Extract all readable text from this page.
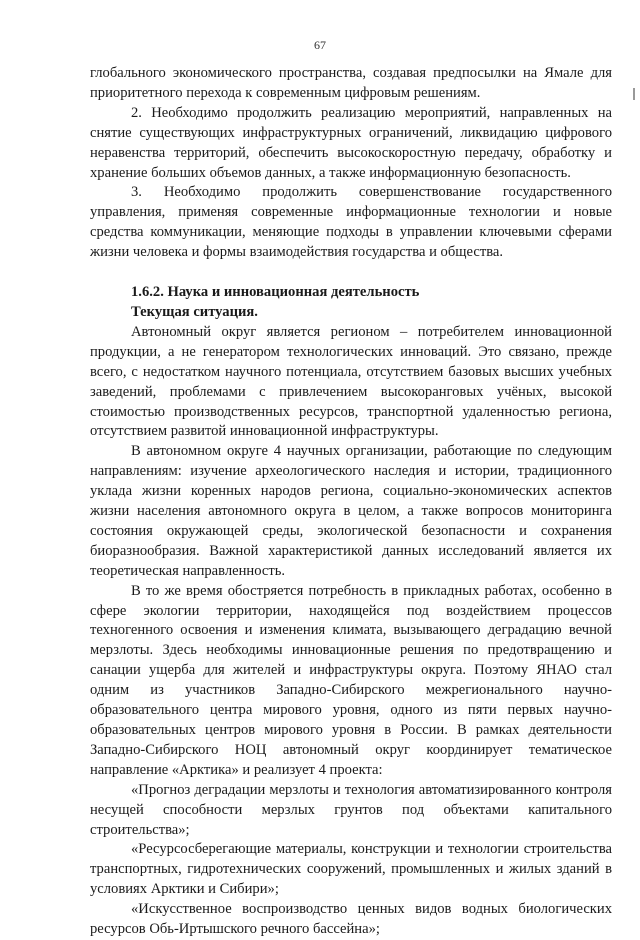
67

глобального экономического пространства, создавая предпосылки на Ямале для приоритетного перехода к современным цифровым решениям.

2. Необходимо продолжить реализацию мероприятий, направленных на снятие существующих инфраструктурных ограничений, ликвидацию цифрового неравенства территорий, обеспечить высокоскоростную передачу, обработку и хранение больших объемов данных, а также информационную безопасность.

3. Необходимо продолжить совершенствование государственного управления, применяя современные информационные технологии и новые средства коммуникации, меняющие подходы в управлении ключевыми сферами жизни человека и формы взаимодействия государства и общества.

1.6.2. Наука и инновационная деятельность

Текущая ситуация.

Автономный округ является регионом – потребителем инновационной продукции, а не генератором технологических инноваций. Это связано, прежде всего, с недостатком научного потенциала, отсутствием базовых высших учебных заведений, проблемами с привлечением высокоранговых учёных, высокой стоимостью производственных ресурсов, транспортной удаленностью региона, отсутствием развитой инновационной инфраструктуры.

В автономном округе 4 научных организации, работающие по следующим направлениям: изучение археологического наследия и истории, традиционного уклада жизни коренных народов региона, социально-экономических аспектов жизни населения автономного округа в целом, а также вопросов мониторинга состояния окружающей среды, экологической безопасности и сохранения биоразнообразия. Важной характеристикой данных исследований является их теоретическая направленность.

В то же время обостряется потребность в прикладных работах, особенно в сфере экологии территории, находящейся под воздействием процессов техногенного освоения и изменения климата, вызывающего деградацию вечной мерзлоты. Здесь необходимы инновационные решения по предотвращению и санации ущерба для жителей и инфраструктуры округа. Поэтому ЯНАО стал одним из участников Западно-Сибирского межрегионального научно-образовательного центра мирового уровня, одного из пяти первых научно-образовательных центров мирового уровня в России. В рамках деятельности Западно-Сибирского НОЦ автономный округ координирует тематическое направление «Арктика» и реализует 4 проекта:

«Прогноз деградации мерзлоты и технология автоматизированного контроля несущей способности мерзлых грунтов под объектами капитального строительства»;

«Ресурсосберегающие материалы, конструкции и технологии строительства транспортных, гидротехнических сооружений, промышленных и жилых зданий в условиях Арктики и Сибири»;

«Искусственное воспроизводство ценных видов водных биологических ресурсов Обь-Иртышского речного бассейна»;
